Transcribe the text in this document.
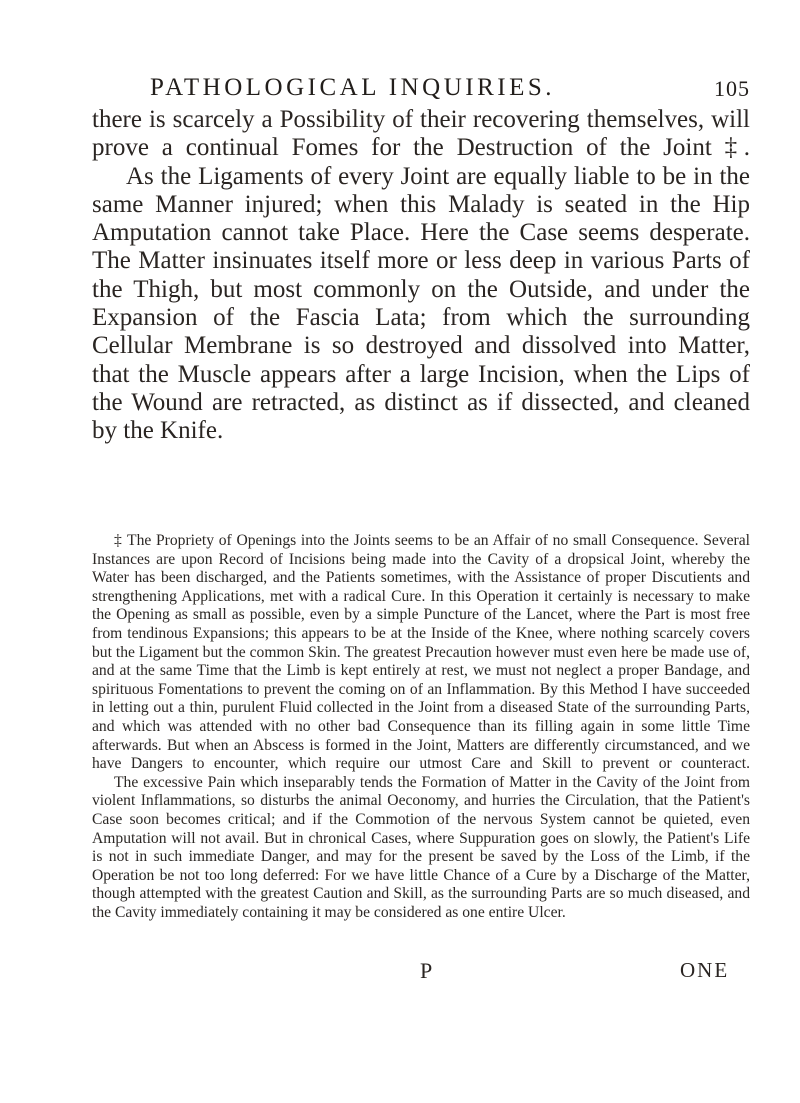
PATHOLOGICAL INQUIRIES.	105

there is scarcely a Possibility of their recovering themselves, will prove a continual Fomes for the Destruction of the Joint ‡.

As the Ligaments of every Joint are equally liable to be in the same Manner injured; when this Malady is seated in the Hip Amputation cannot take Place. Here the Case seems desperate. The Matter insinuates itself more or less deep in various Parts of the Thigh, but most commonly on the Outside, and under the Expansion of the Fascia Lata; from which the surrounding Cellular Membrane is so destroyed and dissolved into Matter, that the Muscle appears after a large Incision, when the Lips of the Wound are retracted, as distinct as if dissected, and cleaned by the Knife.

‡ The Propriety of Openings into the Joints seems to be an Affair of no small Consequence. Several Instances are upon Record of Incisions being made into the Cavity of a dropsical Joint, whereby the Water has been discharged, and the Patients sometimes, with the Assistance of proper Discutients and strengthening Applications, met with a radical Cure. In this Operation it certainly is necessary to make the Opening as small as possible, even by a simple Puncture of the Lancet, where the Part is most free from tendinous Expansions; this appears to be at the Inside of the Knee, where nothing scarcely covers but the Ligament but the common Skin. The greatest Precaution however must even here be made use of, and at the same Time that the Limb is kept entirely at rest, we must not neglect a proper Bandage, and spirituous Fomentations to prevent the coming on of an Inflammation. By this Method I have succeeded in letting out a thin, purulent Fluid collected in the Joint from a diseased State of the surrounding Parts, and which was attended with no other bad Consequence than its filling again in some little Time afterwards. But when an Abscess is formed in the Joint, Matters are differently circumstanced, and we have Dangers to encounter, which require our utmost Care and Skill to prevent or counteract.

The excessive Pain which inseparably tends the Formation of Matter in the Cavity of the Joint from violent Inflammations, so disturbs the animal Oeconomy, and hurries the Circulation, that the Patient's Case soon becomes critical; and if the Commotion of the nervous System cannot be quieted, even Amputation will not avail. But in chronical Cases, where Suppuration goes on slowly, the Patient's Life is not in such immediate Danger, and may for the present be saved by the Loss of the Limb, if the Operation be not too long deferred: For we have little Chance of a Cure by a Discharge of the Matter, though attempted with the greatest Caution and Skill, as the surrounding Parts are so much diseased, and the Cavity immediately containing it may be considered as one entire Ulcer.

P	ONE
